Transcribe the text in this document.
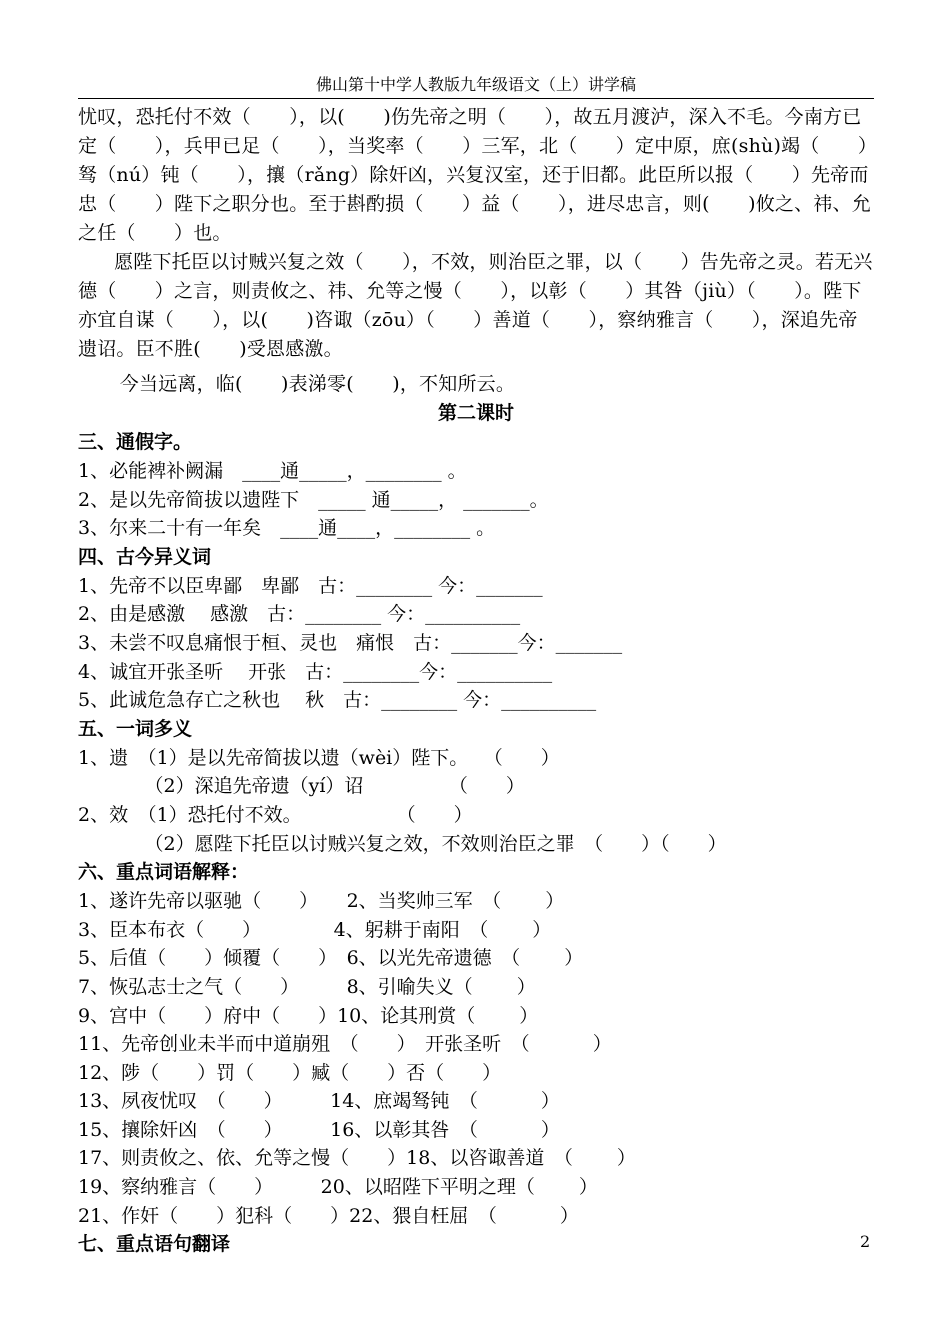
佛山第十中学人教版九年级语文（上）讲学稿
忧叹，恐托付不效（　　），以(　　)伤先帝之明（　　），故五月渡泸，深入不毛。今南方已定（　　），兵甲已足（　　），当奖率（　　）三军，北（　　）定中原，庶(shù)竭（　　）驽（nú）钝（　　），攘（rǎng）除奸凶，兴复汉室，还于旧都。此臣所以报（　　）先帝而忠（　　）陛下之职分也。至于斟酌损（　　）益（　　），进尽忠言，则(　　)攸之、祎、允之任（　　）也。
愿陛下托臣以讨贼兴复之效（　　），不效，则治臣之罪，以（　　）告先帝之灵。若无兴德（　　）之言，则责攸之、祎、允等之慢（　　），以彰（　　）其咎（jiù）（　　）。陛下亦宜自谋（　　），以(　　)咨诹（zōu）（　　）善道（　　），察纳雅言（　　），深追先帝遗诏。臣不胜(　　)受恩感激。
今当远离，临(　　)表涕零(　　)，不知所云。
第二课时
三、通假字。
1、必能裨补阙漏　____通_____，________ 。
2、是以先帝简拔以遗陛下　_____ 通_____， _______。
3、尔来二十有一年矣　____通____，________ 。
四、古今异义词
1、先帝不以臣卑鄙　卑鄙　古：________ 今：_______
2、由是感激　 感激　古：________ 今：__________
3、未尝不叹息痛恨于桓、灵也　痛恨　古：_______今：_______
4、诚宜开张圣听　 开张　古：________今：__________
5、此诚危急存亡之秋也　 秋　古：________ 今：__________
五、一词多义
1、遗　（1）是以先帝简拔以遗（wèi）陛下。　 （　　）
　　　　（2）深追先帝遗（yí）诏　　　　　（　　）
2、效　（1）恐托付不效。　　　　　　（　　）
　　　　（2）愿陛下托臣以讨贼兴复之效，不效则治臣之罪　（　　）（　　）
六、重点词语解释：
1、遂许先帝以驱驰（　　）　　2、当奖帅三军　（　　 ）
3、臣本布衣（　　）　　　　 4、躬耕于南阳　（　　 ）
5、后值（　　）倾覆（　　）　6、以光先帝遗德　（　　 ）
7、恢弘志士之气（　　）　　　8、引喻失义（　　 ）
9、宫中（　　）府中（　　）10、论其刑赏（　　 ）
11、先帝创业未半而中道崩殂　（　　）　开张圣听　（　　　 ）
12、陟（　　）罚（　　）臧（　　）否（　　）
13、夙夜忧叹　（　　）　　　14、庶竭驽钝　（　　　 ）
15、攘除奸凶　（　　）　　　16、以彰其咎　（　　　 ）
17、则责攸之、依、允等之慢（　　）18、以咨诹善道　（　　 ）
19、察纳雅言（　　）　　　20、以昭陛下平明之理（　　 ）
21、作奸（　　）犯科（　　）22、猥自枉屈　（　　　 ）
七、重点语句翻译	2
